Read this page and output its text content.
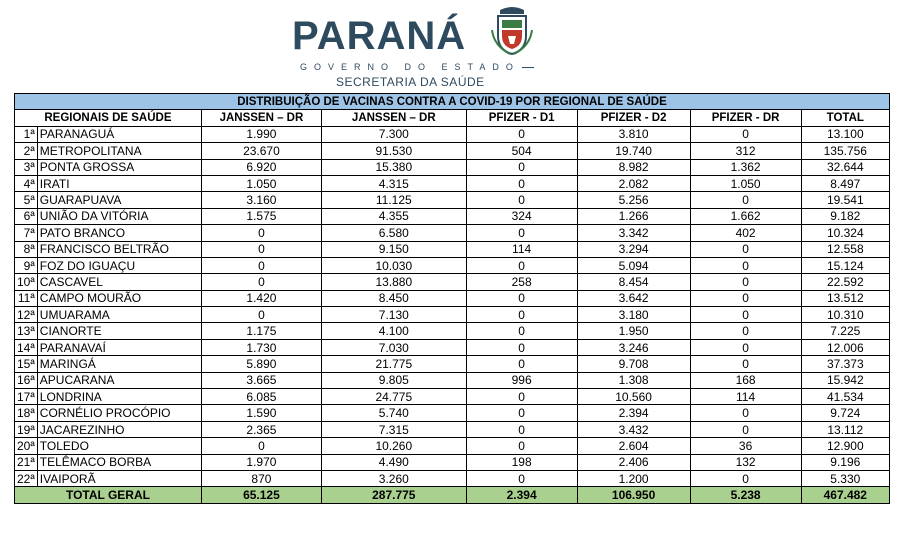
PARANÁ
GOVERNO DO ESTADO
SECRETARIA DA SAÚDE
DISTRIBUIÇÃO DE VACINAS CONTRA A COVID-19 POR REGIONAL DE SAÚDE							
REGIONAIS DE SAÚDE		JANSSEN – DR	JANSSEN – DR	PFIZER - D1	PFIZER - D2	PFIZER - DR	TOTAL
1ª	PARANAGUÁ	1.990	7.300	0	3.810	0	13.100
2ª	METROPOLITANA	23.670	91.530	504	19.740	312	135.756
3ª	PONTA GROSSA	6.920	15.380	0	8.982	1.362	32.644
4ª	IRATI	1.050	4.315	0	2.082	1.050	8.497
5ª	GUARAPUAVA	3.160	11.125	0	5.256	0	19.541
6ª	UNIÃO DA VITÓRIA	1.575	4.355	324	1.266	1.662	9.182
7ª	PATO BRANCO	0	6.580	0	3.342	402	10.324
8ª	FRANCISCO BELTRÃO	0	9.150	114	3.294	0	12.558
9ª	FOZ DO IGUAÇU	0	10.030	0	5.094	0	15.124
10ª	CASCAVEL	0	13.880	258	8.454	0	22.592
11ª	CAMPO MOURÃO	1.420	8.450	0	3.642	0	13.512
12ª	UMUARAMA	0	7.130	0	3.180	0	10.310
13ª	CIANORTE	1.175	4.100	0	1.950	0	7.225
14ª	PARANAVAÍ	1.730	7.030	0	3.246	0	12.006
15ª	MARINGÁ	5.890	21.775	0	9.708	0	37.373
16ª	APUCARANA	3.665	9.805	996	1.308	168	15.942
17ª	LONDRINA	6.085	24.775	0	10.560	114	41.534
18ª	CORNÉLIO PROCÓPIO	1.590	5.740	0	2.394	0	9.724
19ª	JACAREZINHO	2.365	7.315	0	3.432	0	13.112
20ª	TOLEDO	0	10.260	0	2.604	36	12.900
21ª	TELÊMACO BORBA	1.970	4.490	198	2.406	132	9.196
22ª	IVAIPORÃ	870	3.260	0	1.200	0	5.330
TOTAL GERAL		65.125	287.775	2.394	106.950	5.238	467.482
